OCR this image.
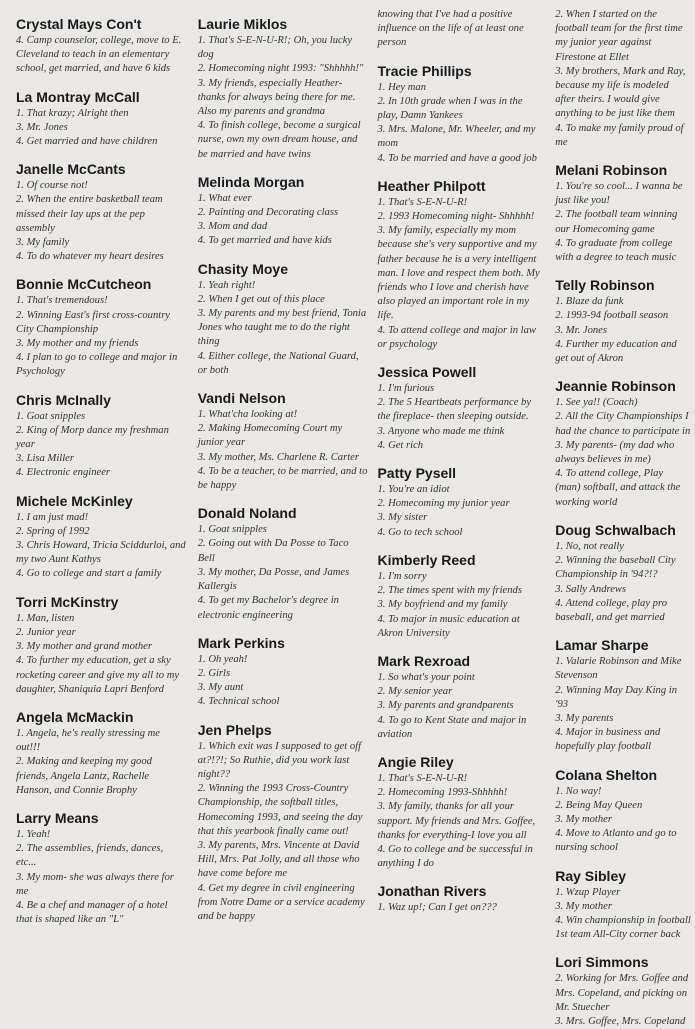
Crystal Mays Con't
4. Camp counselor, college, move to E. Cleveland to teach in an elementary school, get married, and have 6 kids
La Montray McCall
1. That krazy; Alright then
3. Mr. Jones
4. Get married and have children
Janelle McCants
1. Of course not!
2. When the entire basketball team missed their lay ups at the pep assembly
3. My family
4. To do whatever my heart desires
Bonnie McCutcheon
1. That's tremendous!
2. Winning East's first cross-country City Championship
3. My mother and my friends
4. I plan to go to college and major in Psychology
Chris McInally
1. Goat snipples
2. King of Morp dance my freshman year
3. Lisa Miller
4. Electronic engineer
Michele McKinley
1. I am just mad!
2. Spring of 1992
3. Chris Howard, Tricia Sciddurloi, and my two Aunt Kathys
4. Go to college and start a family
Torri McKinstry
1. Man, listen
2. Junior year
3. My mother and grand mother
4. To further my education, get a sky rocketing career and give my all to my daughter, Shaniquia Lapri Benford
Angela McMackin
1. Angela, he's really stressing me out!!!
2. Making and keeping my good friends, Angela Lantz, Rachelle Hanson, and Connie Brophy
Larry Means
1. Yeah!
2. The assemblies, friends, dances, etc...
3. My mom- she was always there for me
4. Be a chef and manager of a hotel that is shaped like an "L"
Laurie Miklos
1. That's S-E-N-U-R!; Oh, you lucky dog
2. Homecoming night 1993: "Shhhhh!"
3. My friends, especially Heather- thanks for always being there for me. Also my parents and grandma
4. To finish college, become a surgical nurse, own my own dream house, and be married and have twins
Melinda Morgan
1. What ever
2. Painting and Decorating class
3. Mom and dad
4. To get married and have kids
Chasity Moye
1. Yeah right!
2. When I get out of this place
3. My parents and my best friend, Tonia Jones who taught me to do the right thing
4. Either college, the National Guard, or both
Vandi Nelson
1. What'cha looking at!
2. Making Homecoming Court my junior year
3. My mother, Ms. Charlene R. Carter
4. To be a teacher, to be married, and to be happy
Donald Noland
1. Goat snipples
2. Going out with Da Posse to Taco Bell
3. My mother, Da Posse, and James Kallergis
4. To get my Bachelor's degree in electronic engineering
Mark Perkins
1. Oh yeah!
2. Girls
3. My aunt
4. Technical school
Jen Phelps
1. Which exit was I supposed to get off at?!?!; So Ruthie, did you work last night??
2. Winning the 1993 Cross-Country Championship, the softball titles, Homecoming 1993, and seeing the day that this yearbook finally came out!
3. My parents, Mrs. Vincente at David Hill, Mrs. Pat Jolly, and all those who have come before me
4. Get my degree in civil engineering from Notre Dame or a service academy and be happy
knowing that I've had a positive influence on the life of at least one person
Tracie Phillips
1. Hey man
2. In 10th grade when I was in the play, Damn Yankees
3. Mrs. Malone, Mr. Wheeler, and my mom
4. To be married and have a good job
Heather Philpott
1. That's S-E-N-U-R!
2. 1993 Homecoming night- Shhhhh!
3. My family, especially my mom because she's very supportive and my father because he is a very intelligent man. I love and respect them both. My friends who I love and cherish have also played an important role in my life.
4. To attend college and major in law or psychology
Jessica Powell
1. I'm furious
2. The 5 Heartbeats performance by the fireplace- then sleeping outside.
3. Anyone who made me think
4. Get rich
Patty Pysell
1. You're an idiot
2. Homecoming my junior year
3. My sister
4. Go to tech school
Kimberly Reed
1. I'm sorry
2. The times spent with my friends
3. My boyfriend and my family
4. To major in music education at Akron University
Mark Rexroad
1. So what's your point
2. My senior year
3. My parents and grandparents
4. To go to Kent State and major in aviation
Angie Riley
1. That's S-E-N-U-R!
2. Homecoming 1993-Shhhhh!
3. My family, thanks for all your support. My friends and Mrs. Goffee, thanks for everything-I love you all
4. Go to college and be successful in anything I do
Jonathan Rivers
1. Waz up!; Can I get on???
2. When I started on the football team for the first time my junior year against Firestone at Ellet
3. My brothers, Mark and Ray, because my life is modeled after theirs. I would give anything to be just like them
4. To make my family proud of me
Melani Robinson
1. You're so cool... I wanna be just like you!
2. The football team winning our Homecoming game
4. To graduate from college with a degree to teach music
Telly Robinson
1. Blaze da funk
2. 1993-94 football season
3. Mr. Jones
4. Further my education and get out of Akron
Jeannie Robinson
1. See ya!! (Coach)
2. All the City Championships I had the chance to participate in
3. My parents- (my dad who always believes in me)
4. To attend college, Play (man) softball, and attack the working world
Doug Schwalbach
1. No, not really
2. Winning the baseball City Championship in '94?!?
3. Sally Andrews
4. Attend college, play pro baseball, and get married
Lamar Sharpe
1. Valarie Robinson and Mike Stevenson
2. Winning May Day King in '93
3. My parents
4. Major in business and hopefully play football
Colana Shelton
1. No way!
2. Being May Queen
3. My mother
4. Move to Atlanto and go to nursing school
Ray Sibley
1. Wzup Player
3. My mother
4. Win championship in football 1st team All-City corner back
Lori Simmons
2. Working for Mrs. Goffee and Mrs. Copeland, and picking on Mr. Stuecher
3. Mrs. Goffee, Mrs. Copeland
